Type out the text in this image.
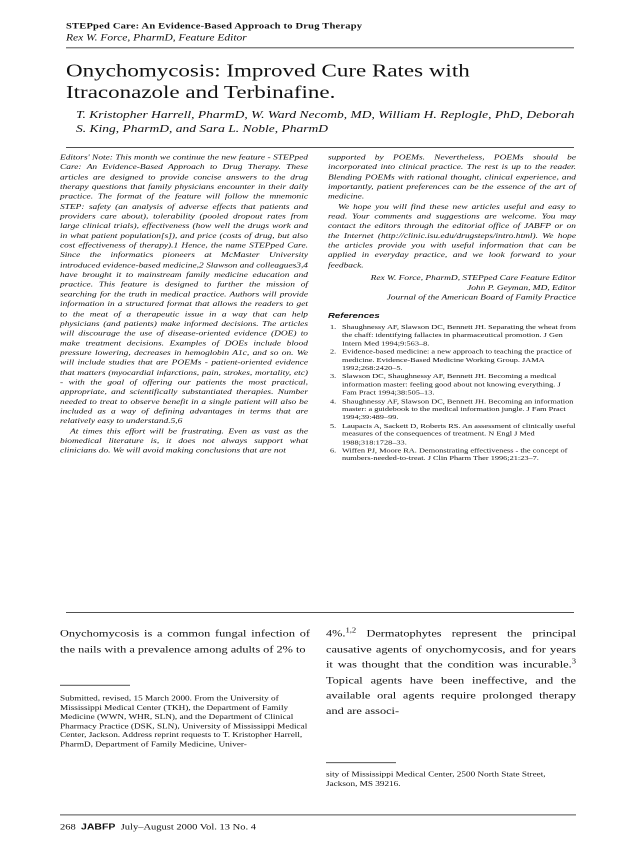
STEPped Care: An Evidence-Based Approach to Drug Therapy
Rex W. Force, PharmD, Feature Editor
Onychomycosis: Improved Cure Rates with Itraconazole and Terbinafine.
T. Kristopher Harrell, PharmD, W. Ward Necomb, MD, William H. Replogle, PhD, Deborah S. King, PharmD, and Sara L. Noble, PharmD

Editors' Note: This month we continue the new feature - STEPped Care: An Evidence-Based Approach to Drug Therapy. These articles are designed to provide concise answers to the drug therapy questions that family physicians encounter in their daily practice. The format of the feature will follow the mnemonic STEP: safety (an analysis of adverse effects that patients and providers care about), tolerability (pooled dropout rates from large clinical trials), effectiveness (how well the drugs work and in what patient population[s]), and price (costs of drug, but also cost effectiveness of therapy).1 Hence, the name STEPped Care. Since the informatics pioneers at McMaster University introduced evidence-based medicine,2 Slawson and colleagues3,4 have brought it to mainstream family medicine education and practice. This feature is designed to further the mission of searching for the truth in medical practice. Authors will provide information in a structured format that allows the readers to get to the meat of a therapeutic issue in a way that can help physicians (and patients) make informed decisions. The articles will discourage the use of disease-oriented evidence (DOE) to make treatment decisions. Examples of DOEs include blood pressure lowering, decreases in hemoglobin A1c, and so on. We will include studies that are POEMs - patient-oriented evidence that matters (myocardial infarctions, pain, strokes, mortality, etc) - with the goal of offering our patients the most practical, appropriate, and scientifically substantiated therapies. Number needed to treat to observe benefit in a single patient will also be included as a way of defining advantages in terms that are relatively easy to understand.5,6

At times this effort will be frustrating. Even as vast as the biomedical literature is, it does not always support what clinicians do. We will avoid making conclusions that are not

supported by POEMs. Nevertheless, POEMs should be incorporated into clinical practice. The rest is up to the reader. Blending POEMs with rational thought, clinical experience, and importantly, patient preferences can be the essence of the art of medicine.

We hope you will find these new articles useful and easy to read. Your comments and suggestions are welcome. You may contact the editors through the editorial office of JABFP or on the Internet (http://clinic.isu.edu/drugsteps/intro.html). We hope the articles provide you with useful information that can be applied in everyday practice, and we look forward to your feedback.

Rex W. Force, PharmD, STEPped Care Feature Editor
John P. Geyman, MD, Editor
Journal of the American Board of Family Practice
References
1. Shaughnessy AF, Slawson DC, Bennett JH. Separating the wheat from the chaff: identifying fallacies in pharmaceutical promotion. J Gen Intern Med 1994;9:563–8.
2. Evidence-based medicine: a new approach to teaching the practice of medicine. Evidence-Based Medicine Working Group. JAMA 1992;268:2420–5.
3. Slawson DC, Shaughnessy AF, Bennett JH. Becoming a medical information master: feeling good about not knowing everything. J Fam Pract 1994;38:505–13.
4. Shaughnessy AF, Slawson DC, Bennett JH. Becoming an information master: a guidebook to the medical information jungle. J Fam Pract 1994;39:489–99.
5. Laupacis A, Sackett D, Roberts RS. An assessment of clinically useful measures of the consequences of treatment. N Engl J Med 1988;318:1728–33.
6. Wiffen PJ, Moore RA. Demonstrating effectiveness - the concept of numbers-needed-to-treat. J Clin Pharm Ther 1996;21:23–7.
Onychomycosis is a common fungal infection of the nails with a prevalence among adults of 2% to
4%.$^{1,2}$ Dermatophytes represent the principal causative agents of onychomycosis, and for years it was thought that the condition was incurable.$^3$ Topical agents have been ineffective, and the available oral agents require prolonged therapy and are associ-
Submitted, revised, 15 March 2000. From the University of Mississippi Medical Center (TKH), the Department of Family Medicine (WWN, WHR, SLN), and the Department of Clinical Pharmacy Practice (DSK, SLN), University of Mississippi Medical Center, Jackson. Address reprint requests to T. Kristopher Harrell, PharmD, Department of Family Medicine, Univer-
sity of Mississippi Medical Center, 2500 North State Street, Jackson, MS 39216.
268 JABFP July–August 2000 Vol. 13 No. 4
